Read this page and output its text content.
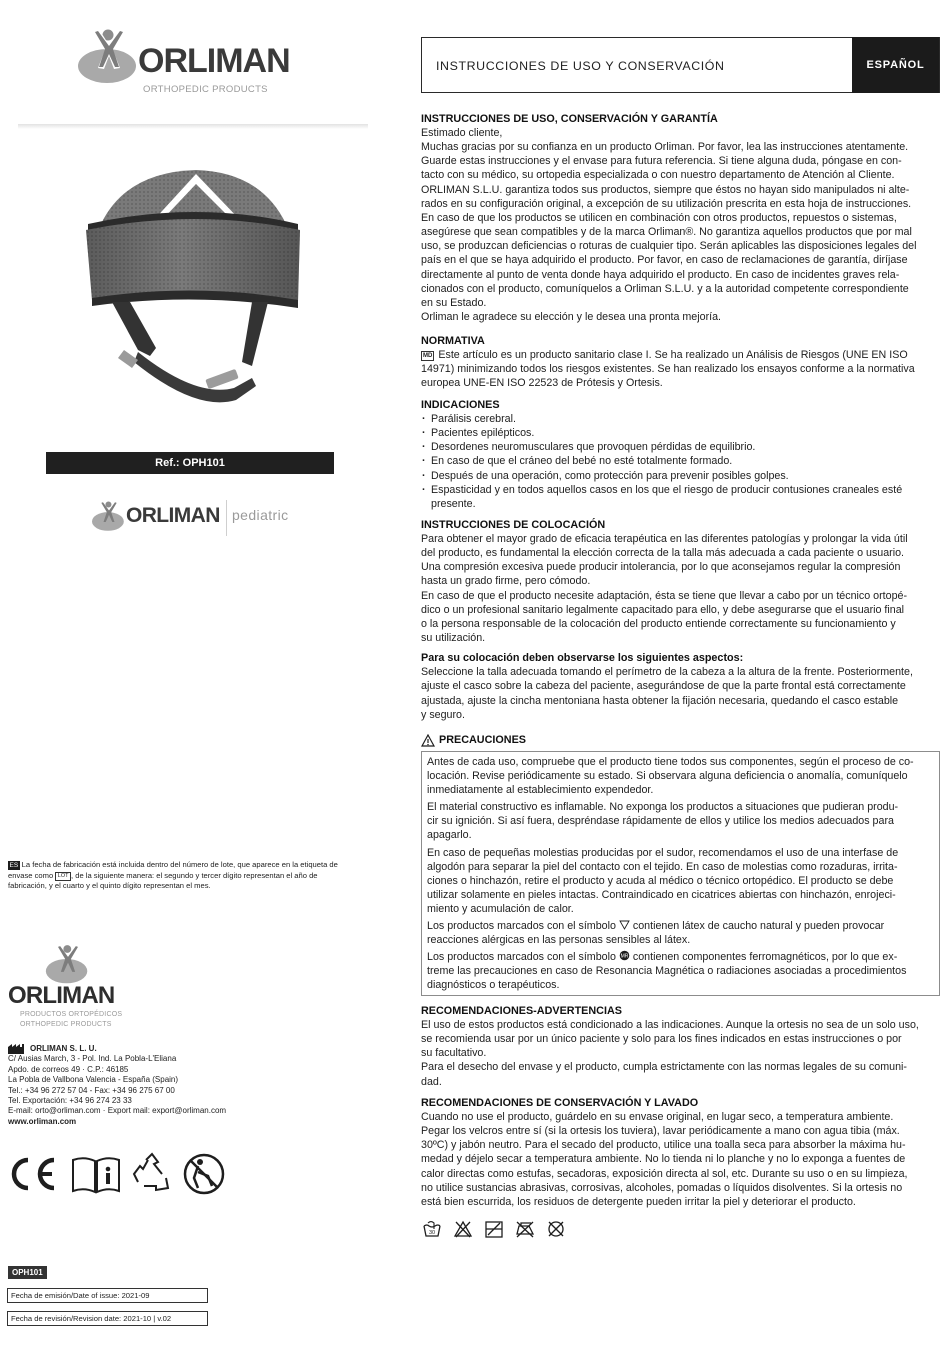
ORLIMAN
ORTHOPEDIC PRODUCTS
Ref.: OPH101
ORLIMAN pediatric
ES La fecha de fabricación está incluida dentro del número de lote, que aparece en la etiqueta de envase como LOT , de la siguiente manera: el segundo y tercer dígito representan el año de fabricación, y el cuarto y el quinto dígito representan el mes.
ORLIMAN
PRODUCTOS ORTOPÉDICOS
ORTHOPEDIC PRODUCTS
ORLIMAN S. L. U.
C/ Ausias March, 3 - Pol. Ind. La Pobla-L'Eliana
Apdo. de correos 49 · C.P.: 46185
La Pobla de Vallbona Valencia - España (Spain)
Tel.: +34 96 272 57 04 - Fax: +34 96 275 67 00
Tel. Exportación: +34 96 274 23 33
E-mail: orto@orliman.com · Export mail: export@orliman.com
www.orliman.com
OPH101
Fecha de emisión/Date of issue: 2021-09
Fecha de revisión/Revision date: 2021-10 | v.02
INSTRUCCIONES DE USO Y CONSERVACIÓN	ESPAÑOL
INSTRUCCIONES DE USO, CONSERVACIÓN Y GARANTÍA
Estimado cliente,
Muchas gracias por su confianza en un producto Orliman. Por favor, lea las instrucciones atentamente.
Guarde estas instrucciones y el envase para futura referencia. Si tiene alguna duda, póngase en con-
tacto con su médico, su ortopedia especializada o con nuestro departamento de Atención al Cliente.
ORLIMAN S.L.U. garantiza todos sus productos, siempre que éstos no hayan sido manipulados ni alte-
rados en su configuración original, a excepción de su utilización prescrita en esta hoja de instrucciones.
En caso de que los productos se utilicen en combinación con otros productos, repuestos o sistemas,
asegúrese que sean compatibles y de la marca Orliman®. No garantiza aquellos productos que por mal
uso, se produzcan deficiencias o roturas de cualquier tipo. Serán aplicables las disposiciones legales del
país en el que se haya adquirido el producto. Por favor, en caso de reclamaciones de garantía, diríjase
directamente al punto de venta donde haya adquirido el producto. En caso de incidentes graves rela-
cionados con el producto, comuníquelos a Orliman S.L.U. y a la autoridad competente correspondiente
en su Estado.
Orliman le agradece su elección y le desea una pronta mejoría.
NORMATIVA
MD Este artículo es un producto sanitario clase I. Se ha realizado un Análisis de Riesgos (UNE EN ISO
14971) minimizando todos los riesgos existentes. Se han realizado los ensayos conforme a la normativa
europea UNE-EN ISO 22523 de Prótesis y Ortesis.
INDICACIONES
· Parálisis cerebral.
· Pacientes epilépticos.
· Desordenes neuromusculares que provoquen pérdidas de equilibrio.
· En caso de que el cráneo del bebé no esté totalmente formado.
· Después de una operación, como protección para prevenir posibles golpes.
· Espasticidad y en todos aquellos casos en los que el riesgo de producir contusiones craneales esté presente.
INSTRUCCIONES DE COLOCACIÓN
Para obtener el mayor grado de eficacia terapéutica en las diferentes patologías y prolongar la vida útil
del producto, es fundamental la elección correcta de la talla más adecuada a cada paciente o usuario.
Una compresión excesiva puede producir intolerancia, por lo que aconsejamos regular la compresión
hasta un grado firme, pero cómodo.
En caso de que el producto necesite adaptación, ésta se tiene que llevar a cabo por un técnico ortopé-
dico o un profesional sanitario legalmente capacitado para ello, y debe asegurarse que el usuario final
o la persona responsable de la colocación del producto entiende correctamente su funcionamiento y
su utilización.
Para su colocación deben observarse los siguientes aspectos:
Seleccione la talla adecuada tomando el perímetro de la cabeza a la altura de la frente. Posteriormente,
ajuste el casco sobre la cabeza del paciente, asegurándose de que la parte frontal está correctamente
ajustada, ajuste la cincha mentoniana hasta obtener la fijación necesaria, quedando el casco estable
y seguro.
PRECAUCIONES

Antes de cada uso, compruebe que el producto tiene todos sus componentes, según el proceso de co-
locación. Revise periódicamente su estado. Si observara alguna deficiencia o anomalía, comuníquelo
inmediatamente al establecimiento expendedor.

El material constructivo es inflamable. No exponga los productos a situaciones que pudieran produ-
cir su ignición. Si así fuera, despréndase rápidamente de ellos y utilice los medios adecuados para
apagarlo.

En caso de pequeñas molestias producidas por el sudor, recomendamos el uso de una interfase de
algodón para separar la piel del contacto con el tejido. En caso de molestias como rozaduras, irrita-
ciones o hinchazón, retire el producto y acuda al médico o técnico ortopédico. El producto se debe
utilizar solamente en pieles intactas. Contraindicado en cicatrices abiertas con hinchazón, enrojeci-
miento y acumulación de calor.

Los productos marcados con el símbolo contienen látex de caucho natural y pueden provocar
reacciones alérgicas en las personas sensibles al látex.

Los productos marcados con el símbolo MR contienen componentes ferromagnéticos, por lo que ex-
treme las precauciones en caso de Resonancia Magnética o radiaciones asociadas a procedimientos
diagnósticos o terapéuticos.

RECOMENDACIONES-ADVERTENCIAS
El uso de estos productos está condicionado a las indicaciones. Aunque la ortesis no sea de un solo uso,
se recomienda usar por un único paciente y solo para los fines indicados en estas instrucciones o por
su facultativo.
Para el desecho del envase y el producto, cumpla estrictamente con las normas legales de su comuni-
dad.
RECOMENDACIONES DE CONSERVACIÓN Y LAVADO
Cuando no use el producto, guárdelo en su envase original, en lugar seco, a temperatura ambiente.
Pegar los velcros entre sí (si la ortesis los tuviera), lavar periódicamente a mano con agua tibia (máx.
30ºC) y jabón neutro. Para el secado del producto, utilice una toalla seca para absorber la máxima hu-
medad y déjelo secar a temperatura ambiente. No lo tienda ni lo planche y no lo exponga a fuentes de
calor directas como estufas, secadoras, exposición directa al sol, etc. Durante su uso o en su limpieza,
no utilice sustancias abrasivas, corrosivas, alcoholes, pomadas o líquidos disolventes. Si la ortesis no
está bien escurrida, los residuos de detergente pueden irritar la piel y deteriorar el producto.
30
